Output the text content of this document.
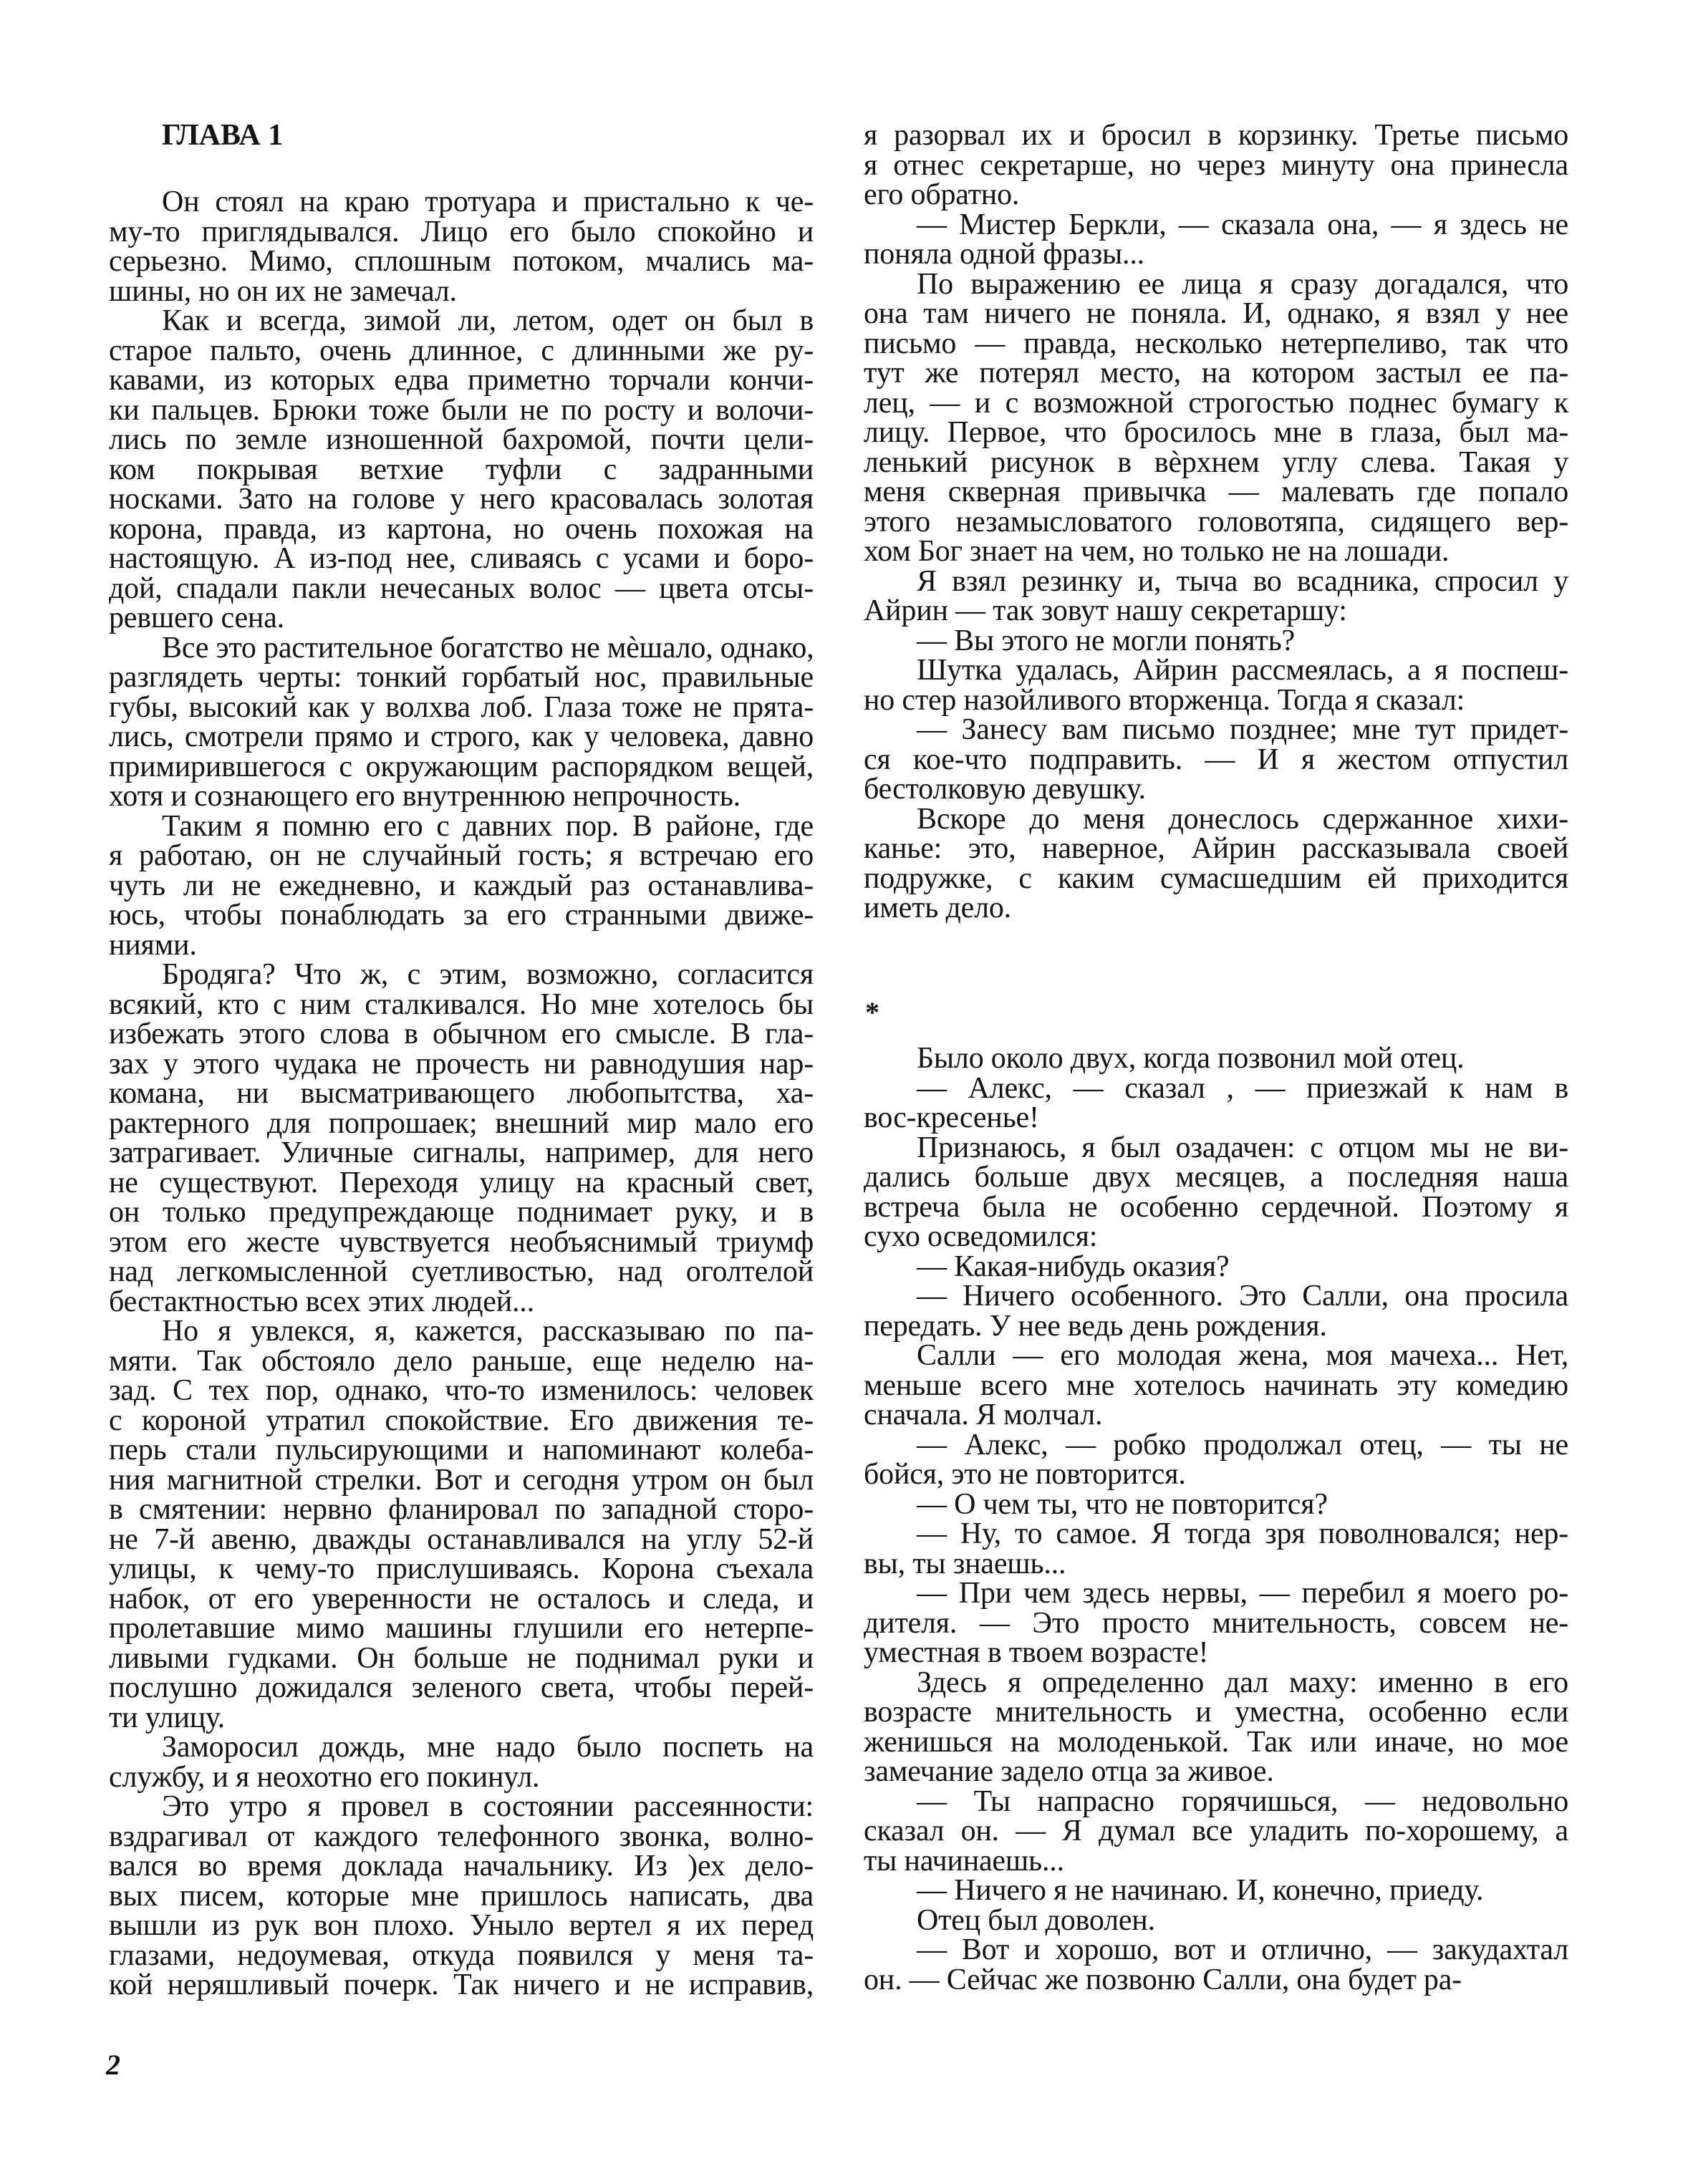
ГЛАВА 1
Он стоял на краю тротуара и пристально к че-
му-то приглядывался. Лицо его было спокойно и
серьезно. Мимо, сплошным потоком, мчались ма-
шины, но он их не замечал.
Как и всегда, зимой ли, летом, одет он был в
старое пальто, очень длинное, с длинными же ру-
кавами, из которых едва приметно торчали кончи-
ки пальцев. Брюки тоже были не по росту и волочи-
лись по земле изношенной бахромой, почти цели-
ком покрывая ветхие туфли с задранными
носками. Зато на голове у него красовалась золотая
корона, правда, из картона, но очень похожая на
настоящую. А из-под нее, сливаясь с усами и боро-
дой, спадали пакли нечесаных волос — цвета отсы-
ревшего сена.
Все это растительное богатство не мѐшало, однако,
разглядеть черты: тонкий горбатый нос, правильные
губы, высокий как у волхва лоб. Глаза тоже не прята-
лись, смотрели прямо и строго, как у человека, давно
примирившегося с окружающим распорядком вещей,
хотя и сознающего его внутреннюю непрочность.
Таким я помню его с давних пор. В районе, где
я работаю, он не случайный гость; я встречаю его
чуть ли не ежедневно, и каждый раз останавлива-
юсь, чтобы понаблюдать за его странными движе-
ниями.
Бродяга? Что ж, с этим, возможно, согласится
всякий, кто с ним сталкивался. Но мне хотелось бы
избежать этого слова в обычном его смысле. В гла-
зах у этого чудака не прочесть ни равнодушия нар-
комана, ни высматривающего любопытства, ха-
рактерного для попрошаек; внешний мир мало его
затрагивает. Уличные сигналы, например, для него
не существуют. Переходя улицу на красный свет,
он только предупреждающе поднимает руку, и в
этом его жесте чувствуется необъяснимый триумф
над легкомысленной суетливостью, над оголтелой
бестактностью всех этих людей...
Но я увлекся, я, кажется, рассказываю по па-
мяти. Так обстояло дело раньше, еще неделю на-
зад. С тех пор, однако, что-то изменилось: человек
с короной утратил спокойствие. Его движения те-
перь стали пульсирующими и напоминают колеба-
ния магнитной стрелки. Вот и сегодня утром он был
в смятении: нервно фланировал по западной сторо-
не 7-й авеню, дважды останавливался на углу 52-й
улицы, к чему-то прислушиваясь. Корона съехала
набок, от его уверенности не осталось и следа, и
пролетавшие мимо машины глушили его нетерпе-
ливыми гудками. Он больше не поднимал руки и
послушно дожидался зеленого света, чтобы перей-
ти улицу.
Заморосил дождь, мне надо было поспеть на
службу, и я неохотно его покинул.
Это утро я провел в состоянии рассеянности:
вздрагивал от каждого телефонного звонка, волно-
вался во время доклада начальнику. Из )ех дело-
вых писем, которые мне пришлось написать, два
вышли из рук вон плохо. Уныло вертел я их перед
глазами, недоумевая, откуда появился у меня та-
кой неряшливый почерк. Так ничего и не исправив,
я разорвал их и бросил в корзинку. Третье письмо
я отнес секретарше, но через минуту она принесла
его обратно.
— Мистер Беркли, — сказала она, — я здесь не
поняла одной фразы...
По выражению ее лица я сразу догадался, что
она там ничего не поняла. И, однако, я взял у нее
письмо — правда, несколько нетерпеливо, так что
тут же потерял место, на котором застыл ее па-
лец, — и с возможной строгостью поднес бумагу к
лицу. Первое, что бросилось мне в глаза, был ма-
ленький рисунок в вѐрхнем углу слева. Такая у
меня скверная привычка — малевать где попало
этого незамысловатого головотяпа, сидящего вер-
хом Бог знает на чем, но только не на лошади.
Я взял резинку и, тыча во всадника, спросил у
Айрин — так зовут нашу секретаршу:
— Вы этого не могли понять?
Шутка удалась, Айрин рассмеялась, а я поспеш-
но стер назойливого вторженца. Тогда я сказал:
— Занесу вам письмо позднее; мне тут придет-
ся кое-что подправить. — И я жестом отпустил
бестолковую девушку.
Вскоре до меня донеслось сдержанное хихи-
канье: это, наверное, Айрин рассказывала своей
подружке, с каким сумасшедшим ей приходится
иметь дело.
*
Было около двух, когда позвонил мой отец.
— Алекс, — сказал , — приезжай к нам в
вос-кресенье!
Признаюсь, я был озадачен: с отцом мы не ви-
дались больше двух месяцев, а последняя наша
встреча была не особенно сердечной. Поэтому я
сухо осведомился:
— Какая-нибудь оказия?
— Ничего особенного. Это Салли, она просила
передать. У нее ведь день рождения.
Салли — его молодая жена, моя мачеха... Нет,
меньше всего мне хотелось начинать эту комедию
сначала. Я молчал.
— Алекс, — робко продолжал отец, — ты не
бойся, это не повторится.
— О чем ты, что не повторится?
— Ну, то самое. Я тогда зря поволновался; нер-
вы, ты знаешь...
— При чем здесь нервы, — перебил я моего ро-
дителя. — Это просто мнительность, совсем не-
уместная в твоем возрасте!
Здесь я определенно дал маху: именно в его
возрасте мнительность и уместна, особенно если
женишься на молоденькой. Так или иначе, но мое
замечание задело отца за живое.
— Ты напрасно горячишься, — недовольно
сказал он. — Я думал все уладить по-хорошему, а
ты начинаешь...
— Ничего я не начинаю. И, конечно, приеду.
Отец был доволен.
— Вот и хорошо, вот и отлично, — закудахтал
он. — Сейчас же позвоню Салли, она будет ра-
2
